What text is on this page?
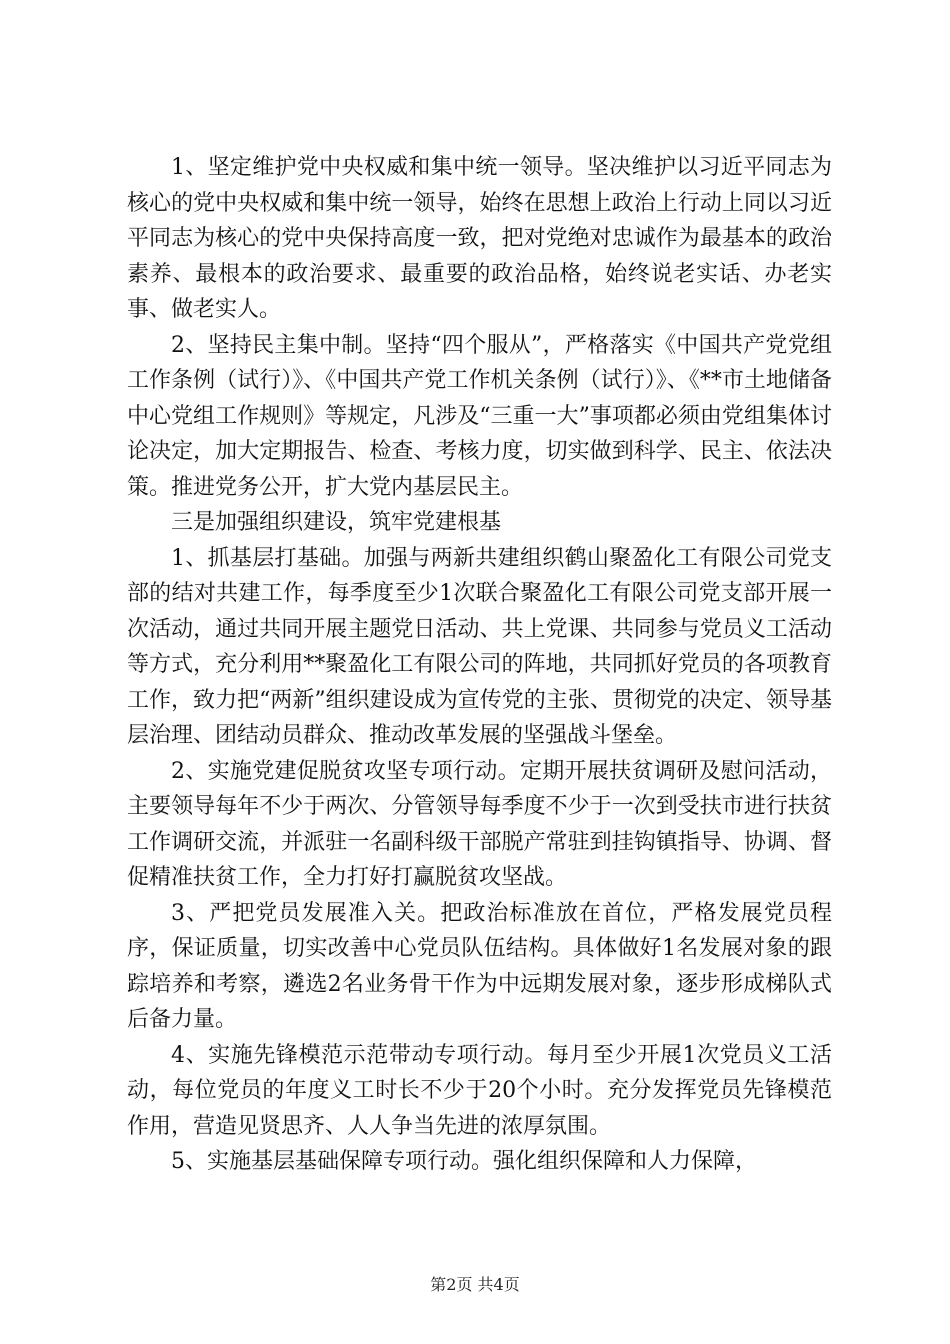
1、坚定维护党中央权威和集中统一领导。坚决维护以习近平同志为核心的党中央权威和集中统一领导，始终在思想上政治上行动上同以习近平同志为核心的党中央保持高度一致，把对党绝对忠诚作为最基本的政治素养、最根本的政治要求、最重要的政治品格，始终说老实话、办老实事、做老实人。

2、坚持民主集中制。坚持“四个服从”，严格落实《中国共产党党组工作条例（试行）》、《中国共产党工作机关条例（试行）》、《**市土地储备中心党组工作规则》等规定，凡涉及“三重一大”事项都必须由党组集体讨论决定，加大定期报告、检查、考核力度，切实做到科学、民主、依法决策。推进党务公开，扩大党内基层民主。

三是加强组织建设，筑牢党建根基

1、抓基层打基础。加强与两新共建组织鹤山聚盈化工有限公司党支部的结对共建工作，每季度至少1次联合聚盈化工有限公司党支部开展一次活动，通过共同开展主题党日活动、共上党课、共同参与党员义工活动等方式，充分利用**聚盈化工有限公司的阵地，共同抓好党员的各项教育工作，致力把“两新”组织建设成为宣传党的主张、贯彻党的决定、领导基层治理、团结动员群众、推动改革发展的坚强战斗堡垒。

2、实施党建促脱贫攻坚专项行动。定期开展扶贫调研及慰问活动，主要领导每年不少于两次、分管领导每季度不少于一次到受扶市进行扶贫工作调研交流，并派驻一名副科级干部脱产常驻到挂钩镇指导、协调、督促精准扶贫工作，全力打好打赢脱贫攻坚战。

3、严把党员发展准入关。把政治标准放在首位，严格发展党员程序，保证质量，切实改善中心党员队伍结构。具体做好1名发展对象的跟踪培养和考察，遴选2名业务骨干作为中远期发展对象，逐步形成梯队式后备力量。

4、实施先锋模范示范带动专项行动。每月至少开展1次党员义工活动，每位党员的年度义工时长不少于20个小时。充分发挥党员先锋模范作用，营造见贤思齐、人人争当先进的浓厚氛围。

5、实施基层基础保障专项行动。强化组织保障和人力保障，

第2页 共4页
